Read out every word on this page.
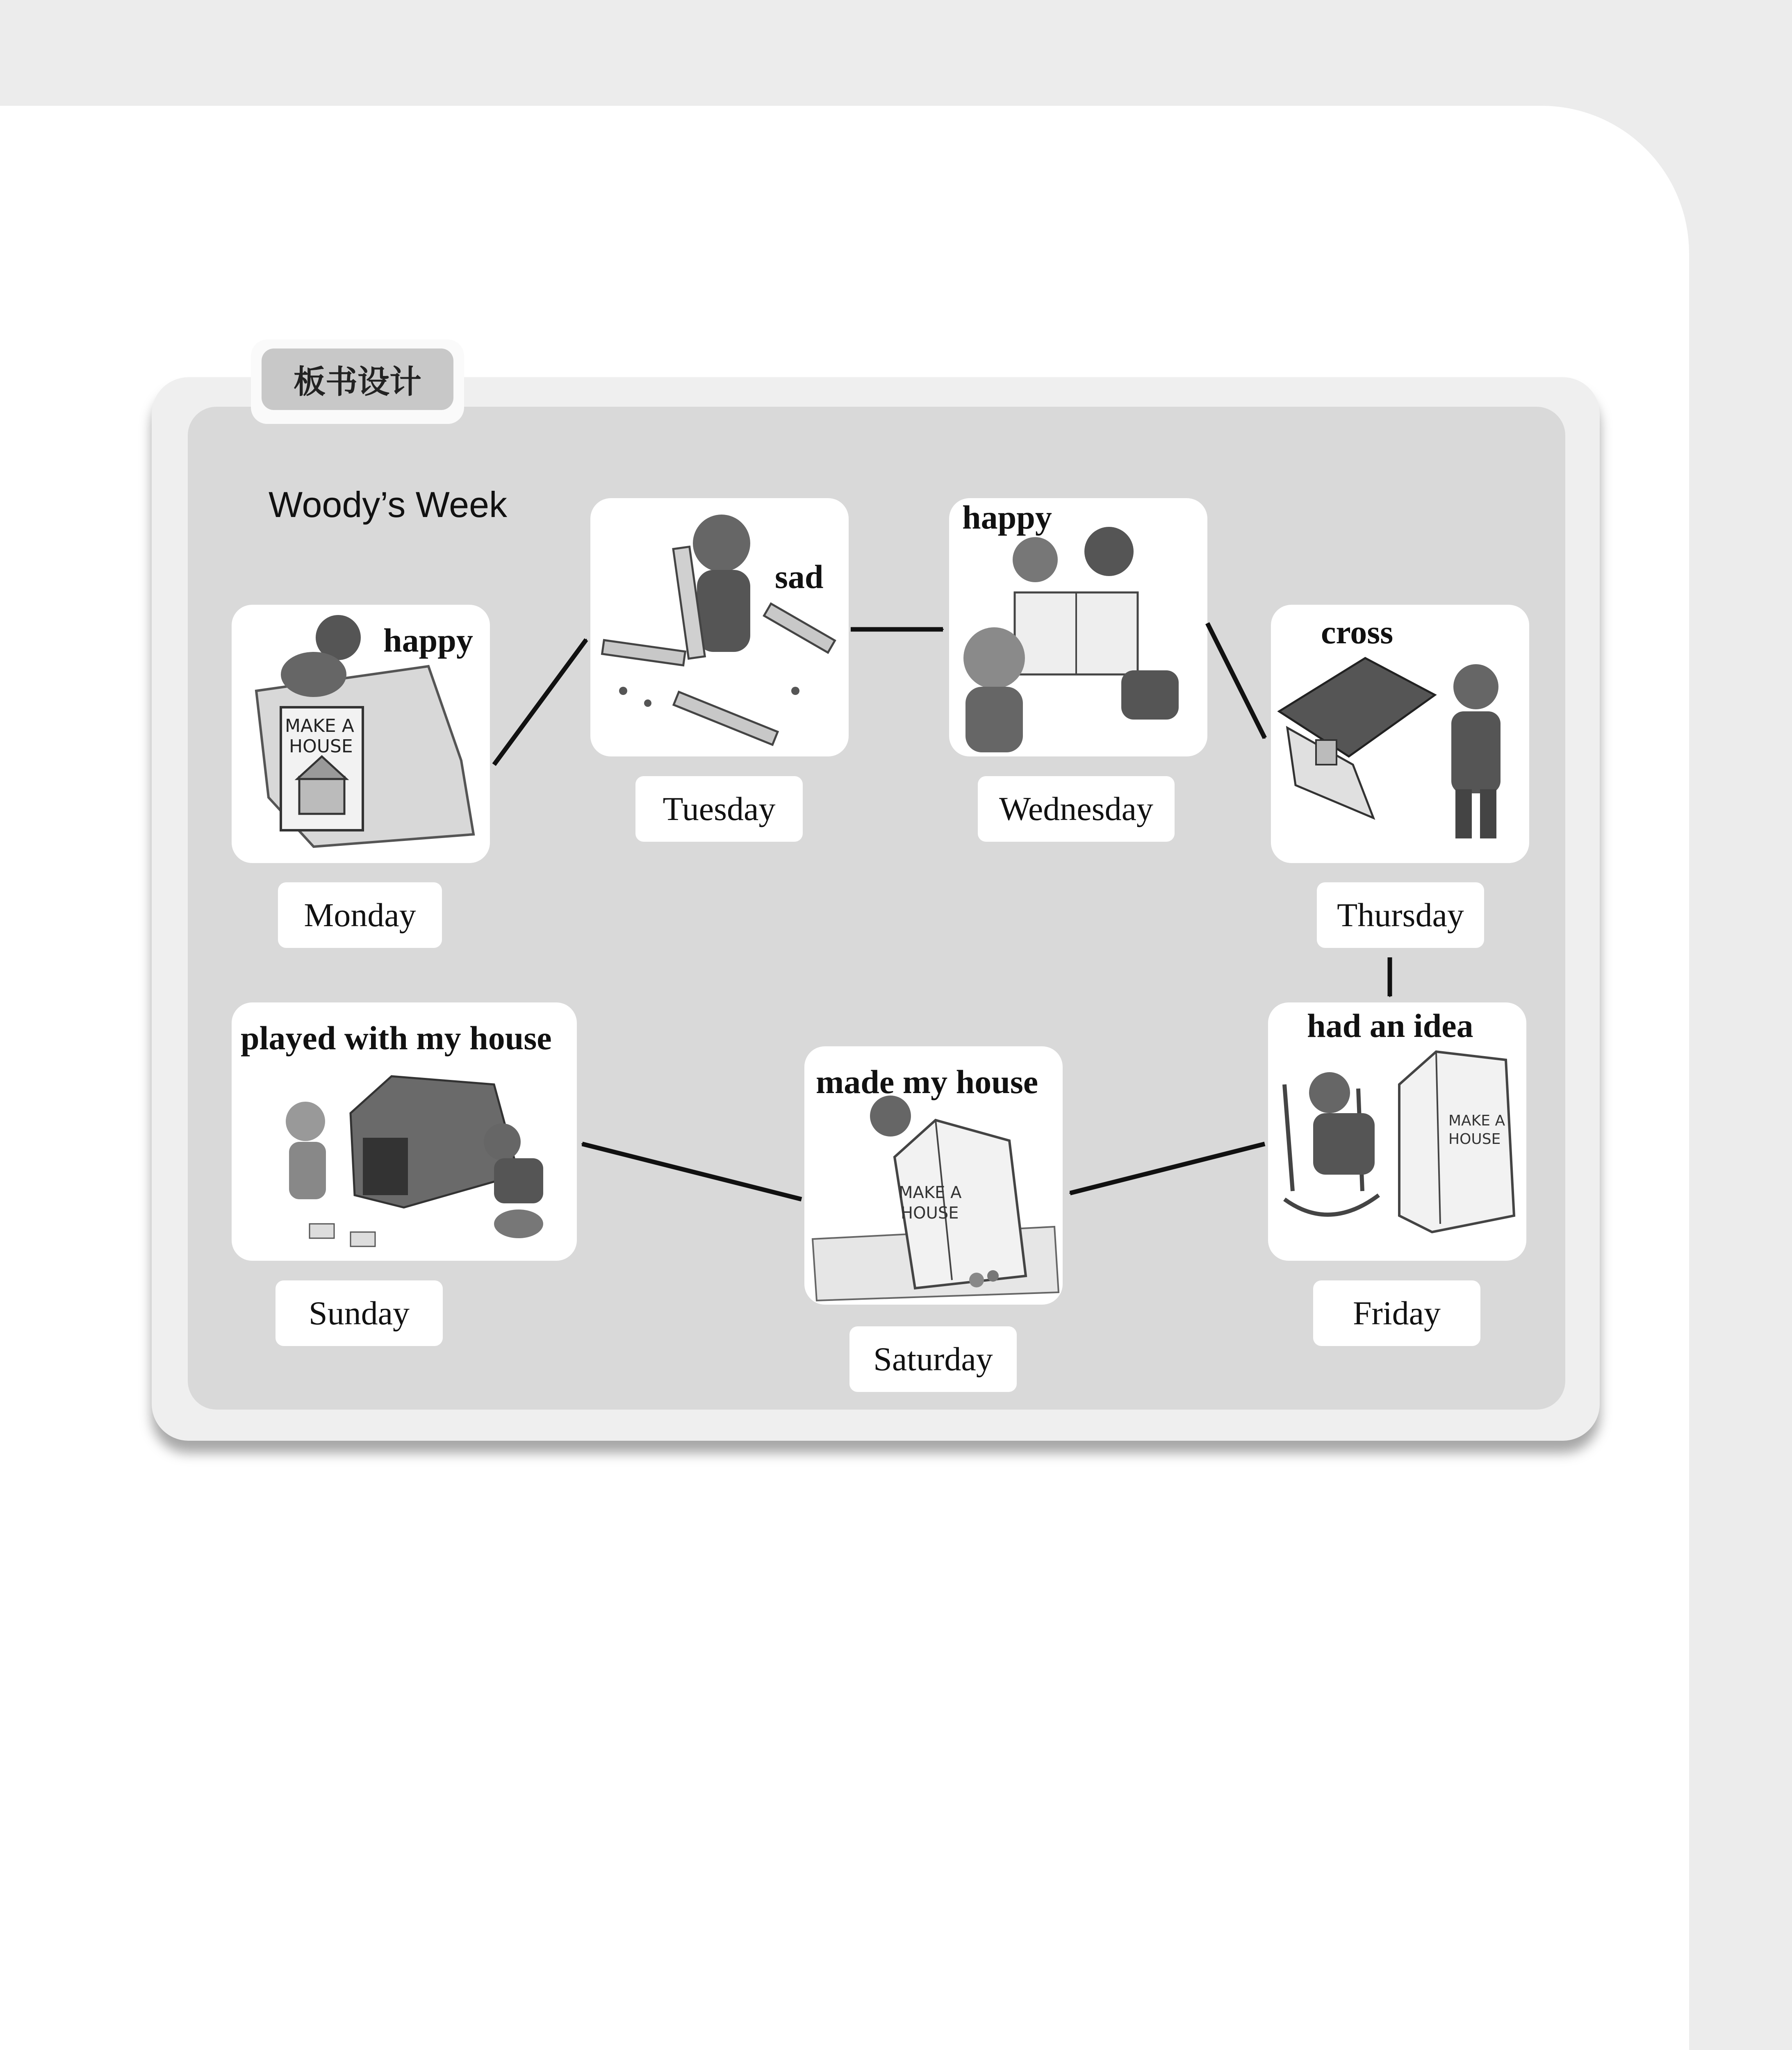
板书设计
Woody’s Week
MAKE A
HOUSE
happy
Monday
sad
Tuesday
happy
Wednesday
cross
Thursday
MAKE A
HOUSE
had an idea
Friday
MAKE A
HOUSE
made my house
Saturday
played with my house
Sunday
